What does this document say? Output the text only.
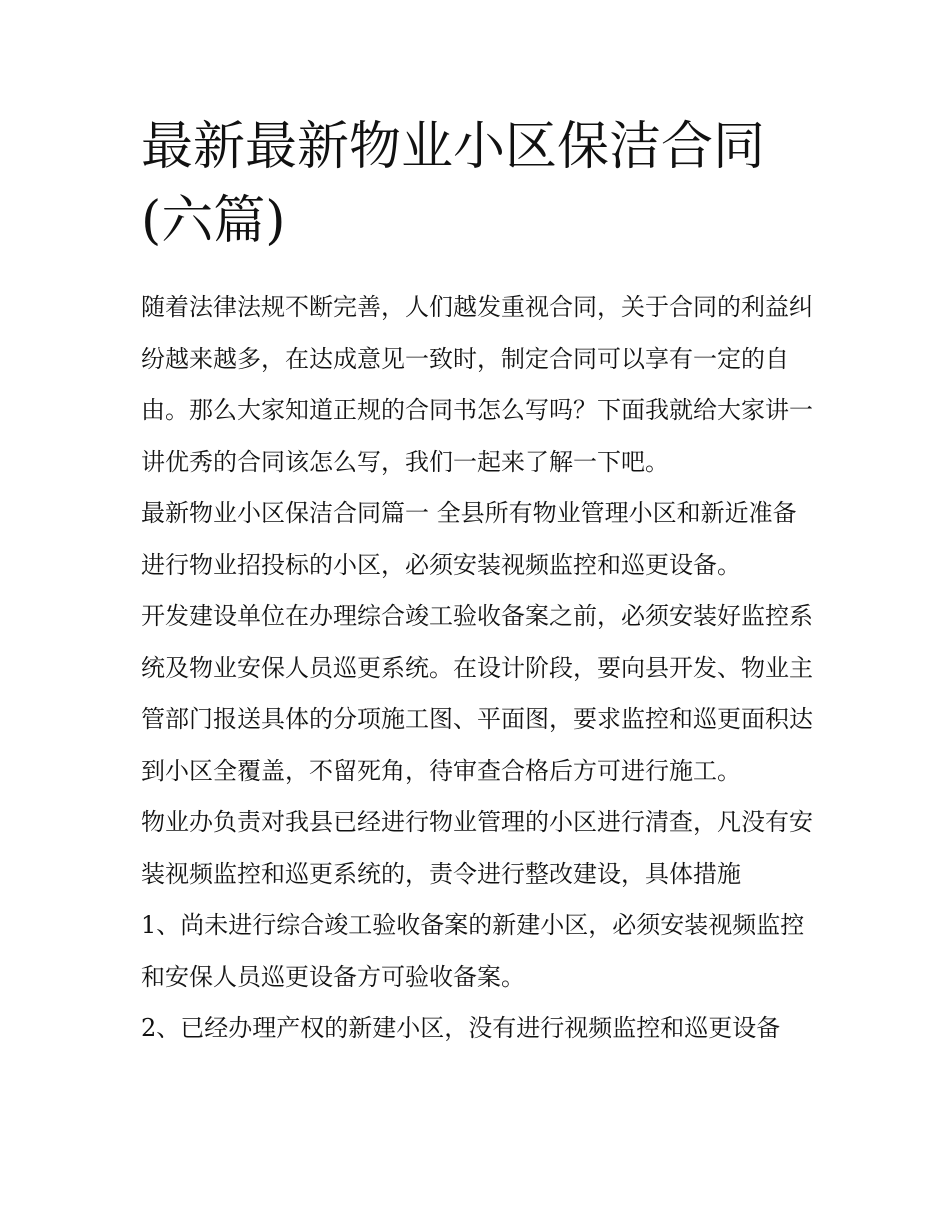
最新最新物业小区保洁合同(六篇)

随着法律法规不断完善，人们越发重视合同，关于合同的利益纠纷越来越多，在达成意见一致时，制定合同可以享有一定的自由。那么大家知道正规的合同书怎么写吗？下面我就给大家讲一讲优秀的合同该怎么写，我们一起来了解一下吧。

最新物业小区保洁合同篇一 全县所有物业管理小区和新近准备进行物业招投标的小区，必须安装视频监控和巡更设备。

开发建设单位在办理综合竣工验收备案之前，必须安装好监控系统及物业安保人员巡更系统。在设计阶段，要向县开发、物业主管部门报送具体的分项施工图、平面图，要求监控和巡更面积达到小区全覆盖，不留死角，待审查合格后方可进行施工。

物业办负责对我县已经进行物业管理的小区进行清查，凡没有安装视频监控和巡更系统的，责令进行整改建设，具体措施

1、尚未进行综合竣工验收备案的新建小区，必须安装视频监控和安保人员巡更设备方可验收备案。

2、已经办理产权的新建小区，没有进行视频监控和巡更设备
